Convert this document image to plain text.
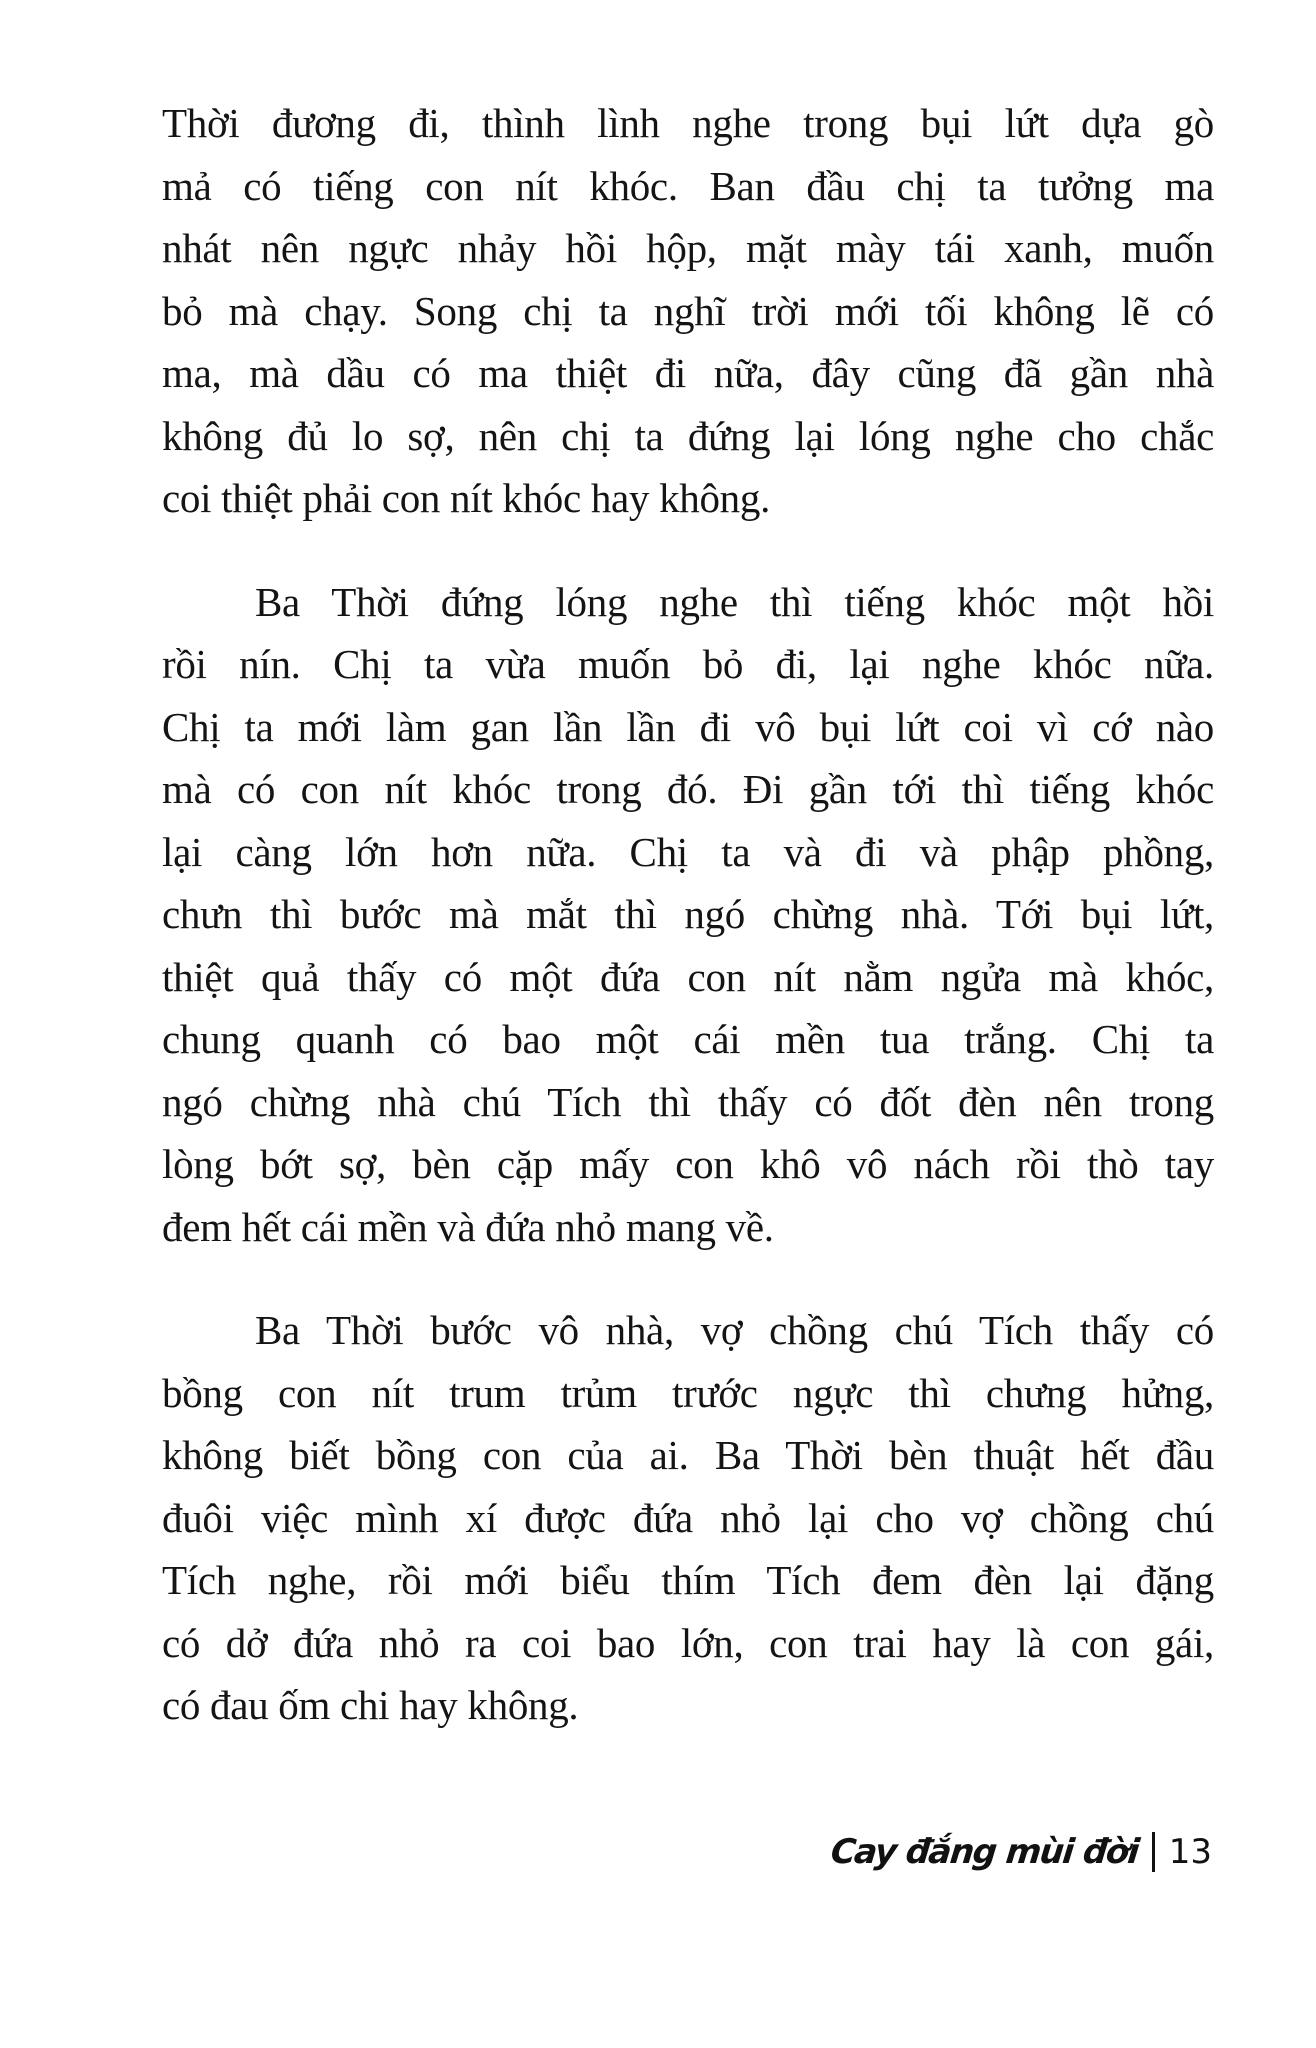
Thời đương đi, thình lình nghe trong bụi lứt dựa gò
mả có tiếng con nít khóc. Ban đầu chị ta tưởng ma
nhát nên ngực nhảy hồi hộp, mặt mày tái xanh, muốn
bỏ mà chạy. Song chị ta nghĩ trời mới tối không lẽ có
ma, mà dầu có ma thiệt đi nữa, đây cũng đã gần nhà
không đủ lo sợ, nên chị ta đứng lại lóng nghe cho chắc
coi thiệt phải con nít khóc hay không.

Ba Thời đứng lóng nghe thì tiếng khóc một hồi
rồi nín. Chị ta vừa muốn bỏ đi, lại nghe khóc nữa.
Chị ta mới làm gan lần lần đi vô bụi lứt coi vì cớ nào
mà có con nít khóc trong đó. Đi gần tới thì tiếng khóc
lại càng lớn hơn nữa. Chị ta và đi và phập phồng,
chưn thì bước mà mắt thì ngó chừng nhà. Tới bụi lứt,
thiệt quả thấy có một đứa con nít nằm ngửa mà khóc,
chung quanh có bao một cái mền tua trắng. Chị ta
ngó chừng nhà chú Tích thì thấy có đốt đèn nên trong
lòng bớt sợ, bèn cặp mấy con khô vô nách rồi thò tay
đem hết cái mền và đứa nhỏ mang về.

Ba Thời bước vô nhà, vợ chồng chú Tích thấy có
bồng con nít trum trủm trước ngực thì chưng hửng,
không biết bồng con của ai. Ba Thời bèn thuật hết đầu
đuôi việc mình xí được đứa nhỏ lại cho vợ chồng chú
Tích nghe, rồi mới biểu thím Tích đem đèn lại đặng
có dở đứa nhỏ ra coi bao lớn, con trai hay là con gái,
có đau ốm chi hay không.

Cay đắng mùi đời 13
